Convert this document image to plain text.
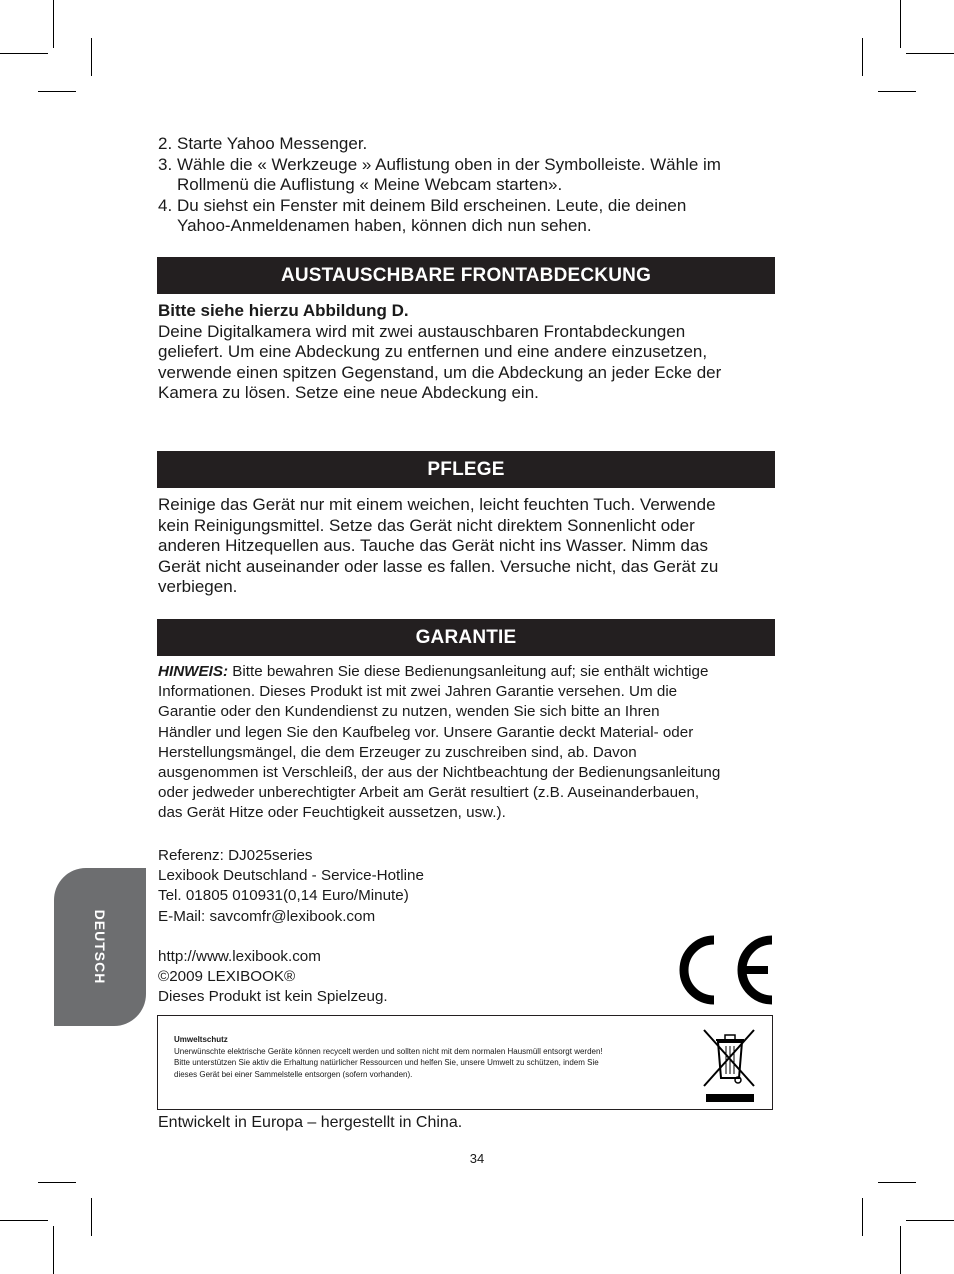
2. Starte Yahoo Messenger.
3. Wähle die « Werkzeuge » Auflistung oben in der Symbolleiste. Wähle im
Rollmenü die Auflistung « Meine Webcam starten».
4. Du siehst ein Fenster mit deinem Bild erscheinen. Leute, die deinen
Yahoo-Anmeldenamen haben, können dich nun sehen.
AUSTAUSCHBARE FRONTABDECKUNG
Bitte siehe hierzu Abbildung D.
Deine Digitalkamera wird mit zwei austauschbaren Frontabdeckungen
geliefert. Um eine Abdeckung zu entfernen und eine andere einzusetzen,
verwende einen spitzen Gegenstand, um die Abdeckung an jeder Ecke der
Kamera zu lösen. Setze eine neue Abdeckung ein.
PFLEGE
Reinige das Gerät nur mit einem weichen, leicht feuchten Tuch. Verwende
kein Reinigungsmittel. Setze das Gerät nicht direktem Sonnenlicht oder
anderen Hitzequellen aus. Tauche das Gerät nicht ins Wasser. Nimm das
Gerät nicht auseinander oder lasse es fallen. Versuche nicht, das Gerät zu
verbiegen.
GARANTIE
HINWEIS: Bitte bewahren Sie diese Bedienungsanleitung auf; sie enthält wichtige
Informationen. Dieses Produkt ist mit zwei Jahren Garantie versehen. Um die
Garantie oder den Kundendienst zu nutzen, wenden Sie sich bitte an Ihren
Händler und legen Sie den Kaufbeleg vor. Unsere Garantie deckt Material- oder
Herstellungsmängel, die dem Erzeuger zu zuschreiben sind, ab. Davon
ausgenommen ist Verschleiß, der aus der Nichtbeachtung der Bedienungsanleitung
oder jedweder unberechtigter Arbeit am Gerät resultiert (z.B. Auseinanderbauen,
das Gerät Hitze oder Feuchtigkeit aussetzen, usw.).
Referenz: DJ025series
Lexibook Deutschland - Service-Hotline
Tel. 01805 010931(0,14 Euro/Minute)
E-Mail: savcomfr@lexibook.com
http://www.lexibook.com
©2009 LEXIBOOK®
Dieses Produkt ist kein Spielzeug.
Umweltschutz
Unerwünschte elektrische Geräte können recycelt werden und sollten nicht mit dem normalen Hausmüll entsorgt werden!
Bitte unterstützen Sie aktiv die Erhaltung natürlicher Ressourcen und helfen Sie, unsere Umwelt zu schützen, indem Sie
dieses Gerät bei einer Sammelstelle entsorgen (sofern vorhanden).
Entwickelt in Europa – hergestellt in China.
34
DEUTSCH
